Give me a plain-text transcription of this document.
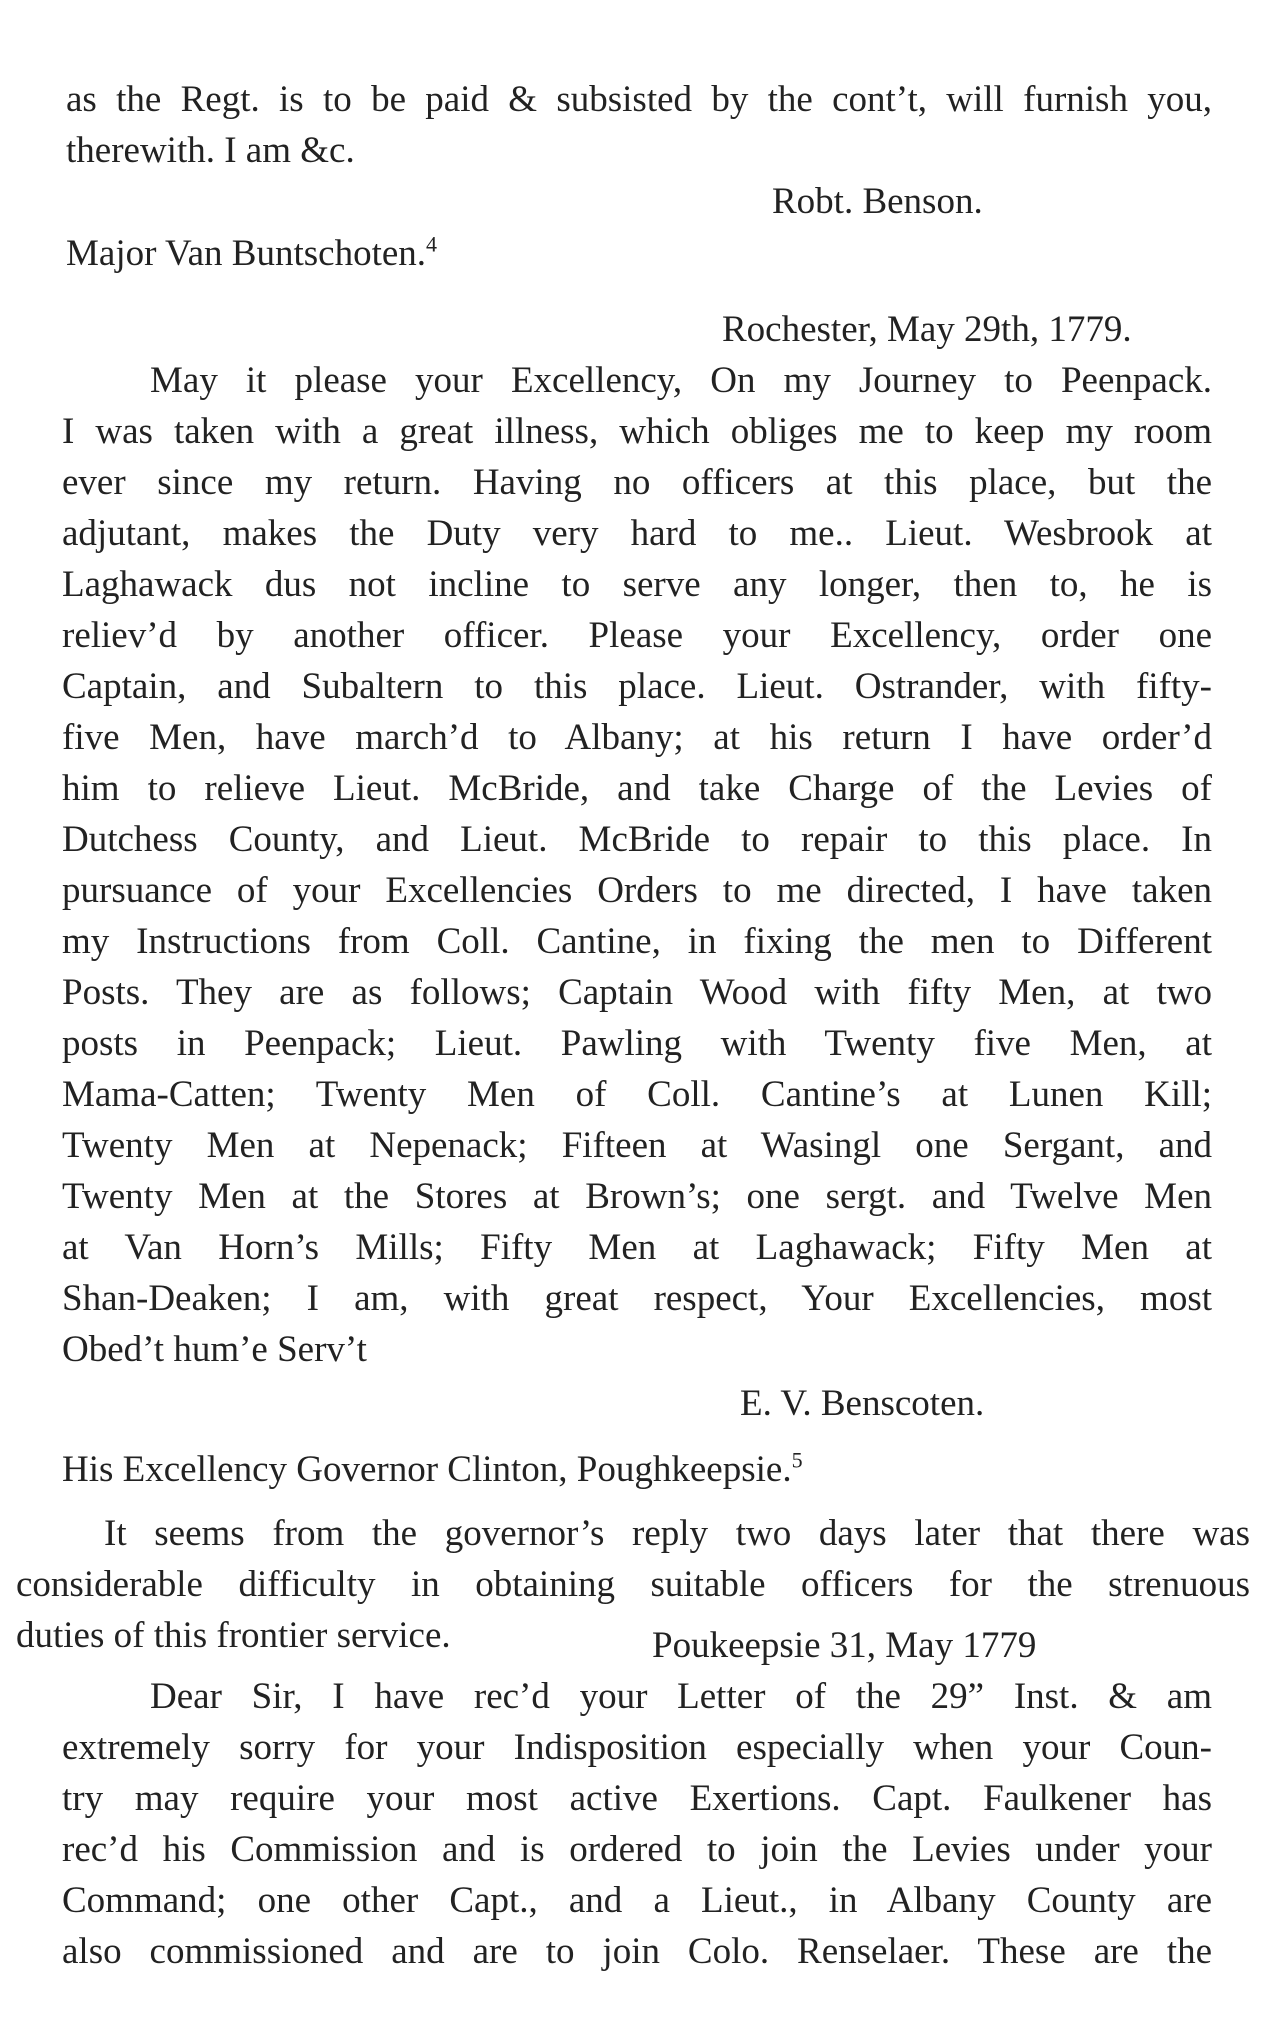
as the Regt. is to be paid & subsisted by the cont’t, will furnish you,
therewith. I am &c.
Robt. Benson.
Major Van Buntschoten.$^4$
Rochester, May 29th, 1779.
May it please your Excellency, On my Journey to Peenpack.
I was taken with a great illness, which obliges me to keep my room
ever since my return. Having no officers at this place, but the
adjutant, makes the Duty very hard to me.. Lieut. Wesbrook at
Laghawack dus not incline to serve any longer, then to, he is
reliev’d by another officer. Please your Excellency, order one
Captain, and Subaltern to this place. Lieut. Ostrander, with fifty-
five Men, have march’d to Albany; at his return I have order’d
him to relieve Lieut. McBride, and take Charge of the Levies of
Dutchess County, and Lieut. McBride to repair to this place. In
pursuance of your Excellencies Orders to me directed, I have taken
my Instructions from Coll. Cantine, in fixing the men to Different
Posts. They are as follows; Captain Wood with fifty Men, at two
posts in Peenpack; Lieut. Pawling with Twenty five Men, at
Mama-Catten; Twenty Men of Coll. Cantine’s at Lunen Kill;
Twenty Men at Nepenack; Fifteen at Wasingl one Sergant, and
Twenty Men at the Stores at Brown’s; one sergt. and Twelve Men
at Van Horn’s Mills; Fifty Men at Laghawack; Fifty Men at
Shan-Deaken; I am, with great respect, Your Excellencies, most
Obed’t hum’e Serv’t
E. V. Benscoten.
His Excellency Governor Clinton, Poughkeepsie.$^5$
It seems from the governor’s reply two days later that there was
considerable difficulty in obtaining suitable officers for the strenuous
duties of this frontier service.	Poukeepsie 31, May 1779
Dear Sir, I have rec’d your Letter of the 29” Inst. & am
extremely sorry for your Indisposition especially when your Coun-
try may require your most active Exertions. Capt. Faulkener has
rec’d his Commission and is ordered to join the Levies under your
Command; one other Capt., and a Lieut., in Albany County are
also commissioned and are to join Colo. Renselaer. These are the
